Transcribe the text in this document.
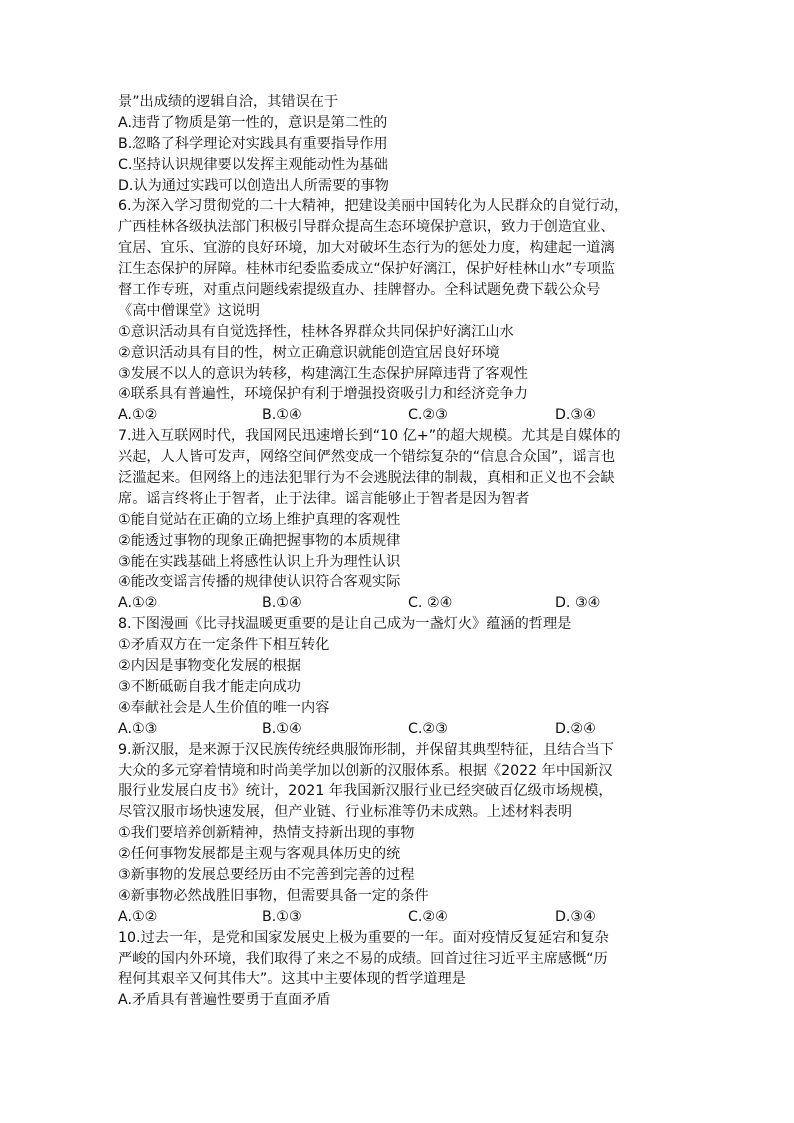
景”出成绩的逻辑自洽，其错误在于
A.违背了物质是第一性的，意识是第二性的
B.忽略了科学理论对实践具有重要指导作用
C.坚持认识规律要以发挥主观能动性为基础
D.认为通过实践可以创造出人所需要的事物
6.为深入学习贯彻党的二十大精神，把建设美丽中国转化为人民群众的自觉行动，
广西桂林各级执法部门积极引导群众提高生态环境保护意识，致力于创造宜业、
宜居、宜乐、宜游的良好环境，加大对破坏生态行为的惩处力度，构建起一道漓
江生态保护的屏障。桂林市纪委监委成立“保护好漓江，保护好桂林山水”专项监
督工作专班，对重点问题线索提级直办、挂牌督办。全科试题免费下载公众号
《高中僧课堂》这说明
①意识活动具有自觉选择性，桂林各界群众共同保护好漓江山水
②意识活动具有目的性，树立正确意识就能创造宜居良好环境
③发展不以人的意识为转移，构建漓江生态保护屏障违背了客观性
④联系具有普遍性，环境保护有利于增强投资吸引力和经济竞争力
A.①②	B.①④	C.②③	D.③④
7.进入互联网时代，我国网民迅速增长到“10 亿+”的超大规模。尤其是自媒体的
兴起，人人皆可发声，网络空间俨然变成一个错综复杂的“信息合众国”，谣言也
泛滥起来。但网络上的违法犯罪行为不会逃脱法律的制裁，真相和正义也不会缺
席。谣言终将止于智者，止于法律。谣言能够止于智者是因为智者
①能自觉站在正确的立场上维护真理的客观性
②能透过事物的现象正确把握事物的本质规律
③能在实践基础上将感性认识上升为理性认识
④能改变谣言传播的规律使认识符合客观实际
A.①②	B.①④	C. ②④	D. ③④
8.下图漫画《比寻找温暖更重要的是让自己成为一盏灯火》蕴涵的哲理是
①矛盾双方在一定条件下相互转化
②内因是事物变化发展的根据
③不断砥砺自我才能走向成功
④奉献社会是人生价值的唯一内容
A.①③	B.①④	C.②③	D.②④
9.新汉服，是来源于汉民族传统经典服饰形制，并保留其典型特征，且结合当下
大众的多元穿着情境和时尚美学加以创新的汉服体系。根据《2022 年中国新汉
服行业发展白皮书》统计，2021 年我国新汉服行业已经突破百亿级市场规模，
尽管汉服市场快速发展，但产业链、行业标准等仍未成熟。上述材料表明
①我们要培养创新精神，热情支持新出现的事物
②任何事物发展都是主观与客观具体历史的统
③新事物的发展总要经历由不完善到完善的过程
④新事物必然战胜旧事物，但需要具备一定的条件
A.①②	B.①③	C.②④	D.③④
10.过去一年，是党和国家发展史上极为重要的一年。面对疫情反复延宕和复杂
严峻的国内外环境，我们取得了来之不易的成绩。回首过往习近平主席感慨“历
程何其艰辛又何其伟大”。这其中主要体现的哲学道理是
A.矛盾具有普遍性要勇于直面矛盾
